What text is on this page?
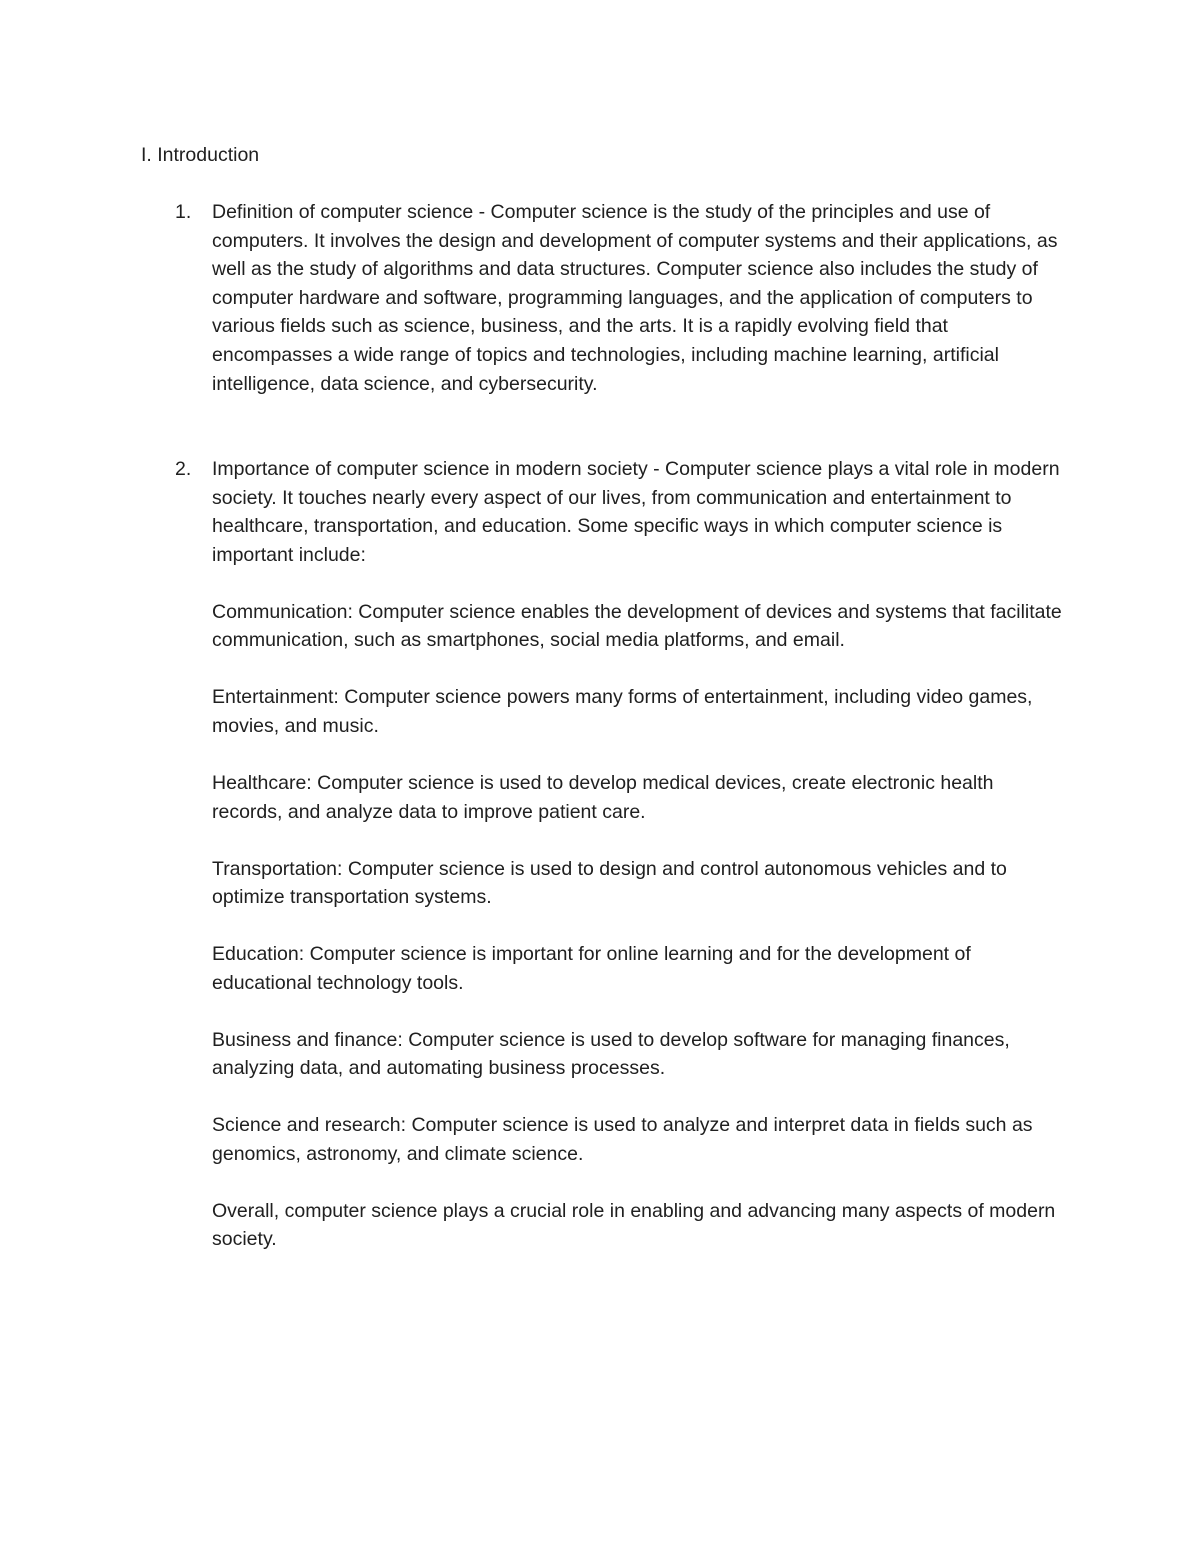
I. Introduction
1. Definition of computer science - Computer science is the study of the principles and use of computers. It involves the design and development of computer systems and their applications, as well as the study of algorithms and data structures. Computer science also includes the study of computer hardware and software, programming languages, and the application of computers to various fields such as science, business, and the arts. It is a rapidly evolving field that encompasses a wide range of topics and technologies, including machine learning, artificial intelligence, data science, and cybersecurity.

2. Importance of computer science in modern society - Computer science plays a vital role in modern society. It touches nearly every aspect of our lives, from communication and entertainment to healthcare, transportation, and education. Some specific ways in which computer science is important include:

Communication: Computer science enables the development of devices and systems that facilitate communication, such as smartphones, social media platforms, and email.

Entertainment: Computer science powers many forms of entertainment, including video games, movies, and music.

Healthcare: Computer science is used to develop medical devices, create electronic health records, and analyze data to improve patient care.

Transportation: Computer science is used to design and control autonomous vehicles and to optimize transportation systems.

Education: Computer science is important for online learning and for the development of educational technology tools.

Business and finance: Computer science is used to develop software for managing finances, analyzing data, and automating business processes.

Science and research: Computer science is used to analyze and interpret data in fields such as genomics, astronomy, and climate science.

Overall, computer science plays a crucial role in enabling and advancing many aspects of modern society.
